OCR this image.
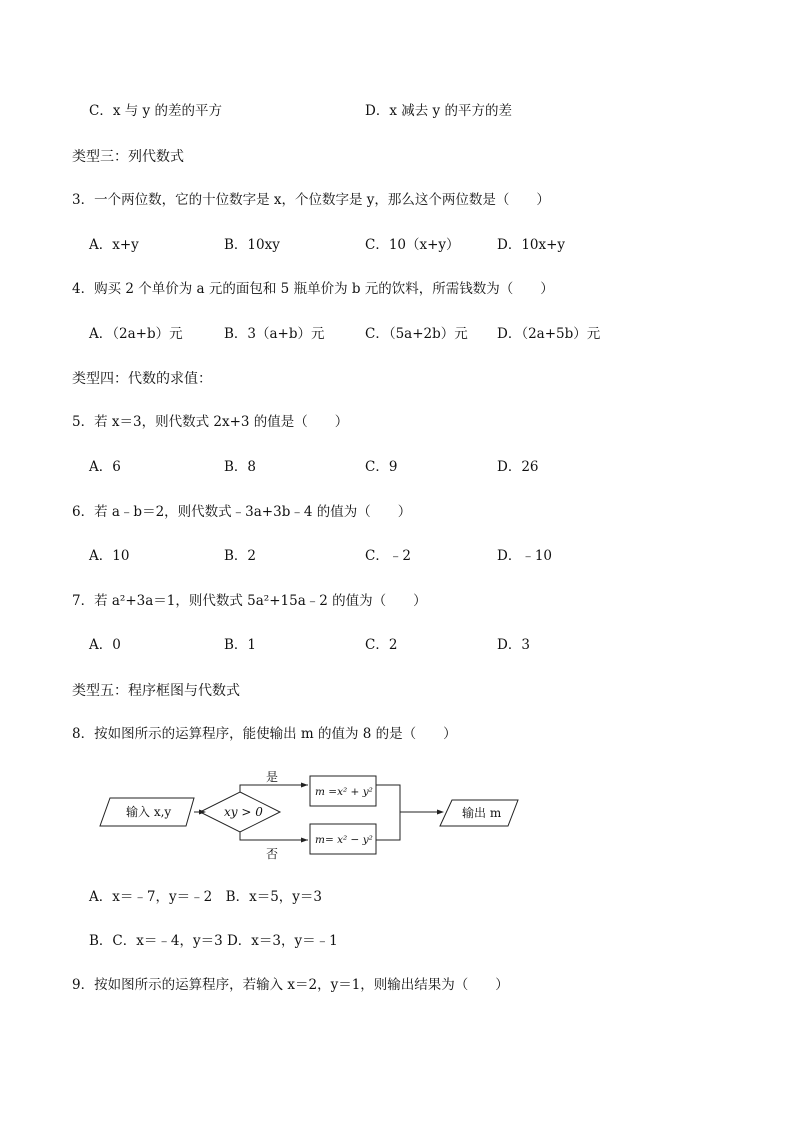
C．x 与 y 的差的平方	D．x 减去 y 的平方的差
类型三：列代数式
3．一个两位数，它的十位数字是 x，个位数字是 y，那么这个两位数是（　　）
A．x+y	B．10xy	C．10（x+y）	D．10x+y
4．购买 2 个单价为 a 元的面包和 5 瓶单价为 b 元的饮料，所需钱数为（　　）
A．（2a+b）元	B．3（a+b）元	C．（5a+2b）元 D．（2a+5b）元
类型四：代数的求值：
5．若 x＝3，则代数式 2x+3 的值是（　　）
A．6	B．8	C．9	D．26
6．若 a﹣b＝2，则代数式﹣3a+3b﹣4 的值为（　　）
A．10	B．2	C．﹣2	D．﹣10
7．若 a²+3a＝1，则代数式 5a²+15a﹣2 的值为（　　）
A．0	B．1	C．2	D．3
类型五：程序框图与代数式
8．按如图所示的运算程序，能使输出 m 的值为 8 的是（　　）
输入 x,y	xy > 0
是
否
m =x² + y²
m= x² − y²
输出 m
A．x＝﹣7，y＝﹣2　B．x＝5，y＝3
B．C．x＝﹣4，y＝3 D．x＝3，y＝﹣1
9．按如图所示的运算程序，若输入 x＝2，y＝1，则输出结果为（　　）
